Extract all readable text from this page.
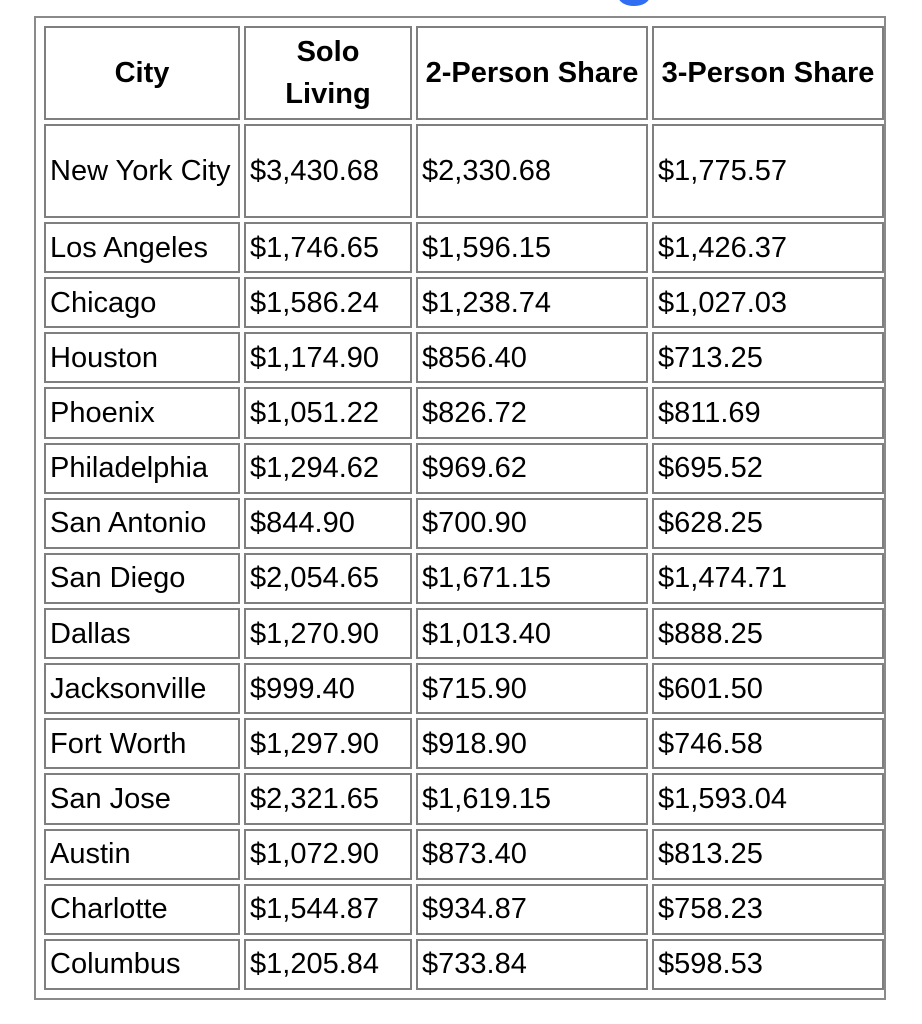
City	Solo Living	2-Person Share	3-Person Share
New York City	$3,430.68	$2,330.68	$1,775.57
Los Angeles	$1,746.65	$1,596.15	$1,426.37
Chicago	$1,586.24	$1,238.74	$1,027.03
Houston	$1,174.90	$856.40	$713.25
Phoenix	$1,051.22	$826.72	$811.69
Philadelphia	$1,294.62	$969.62	$695.52
San Antonio	$844.90	$700.90	$628.25
San Diego	$2,054.65	$1,671.15	$1,474.71
Dallas	$1,270.90	$1,013.40	$888.25
Jacksonville	$999.40	$715.90	$601.50
Fort Worth	$1,297.90	$918.90	$746.58
San Jose	$2,321.65	$1,619.15	$1,593.04
Austin	$1,072.90	$873.40	$813.25
Charlotte	$1,544.87	$934.87	$758.23
Columbus	$1,205.84	$733.84	$598.53
